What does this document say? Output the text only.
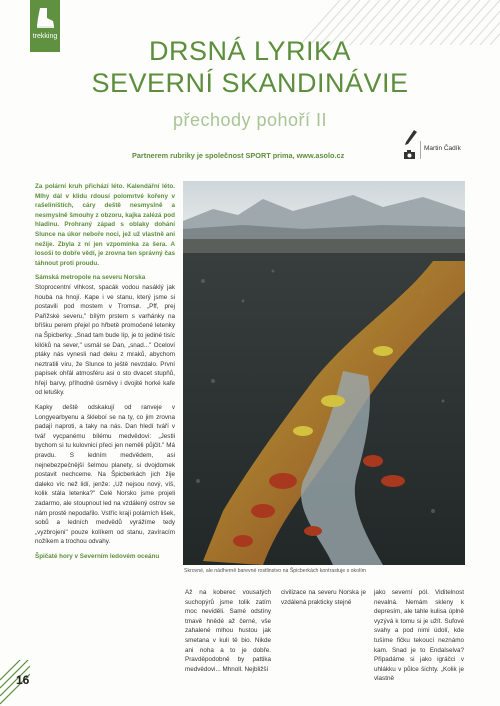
trekking	DRSNÁ LYRIKA
SEVERNÍ SKANDINÁVIE
přechody pohoří II
Partnerem rubriky je společnost SPORT prima, www.asolo.cz
Martin Čadík
Skrovné, ale nádherně barevné rostlinstvo na Špicberkách kontrastuje s okolím

Za polární kruh přichází léto. Kalendářní léto. Mlhy dál v klidu rdousí polomrtvé kořeny v rašeliništích, cáry deště nesmyslně a nesmyslně šmouhy z obzoru, kajka zalézá pod hladinu. Prohraný západ s oblaky dohání Slunce na úkor neboře noci, jež už vlastně ani nežije. Zbyla z ní jen vzpomínka za šera. A losoší to dobře vědí, je zrovna ten správný čas táhnout proti proudu.

Sámská metropole na severu Norska

Stoprocentní vlhkost, spacák vodou nasáklý jak houba na hnojí. Kape i ve stanu, který jsme si postavili pod mostem v Tromsø. „Pff, prej Pařížské severu," bílým prstem s varhánky na bříšku perem přejel po hřbetě promočené letenky na Špicberky. „Snad tam bude líp, je to jediné tisíc kilóků na sever," usmál se Dan, „snad..." Oceloví ptáky nás vynesli nad deku z mraků, abychom neztratili víru, že Slunce to ještě nevzdalo. První papísek ohřál atmosféru asi o sto dvacet stupňů, hřejí barvy, příhodně úsměvy i dvojité horké kafe od letušky.

Kapky deště odskakují od ranveje v Longyearbyenu a škleboí se na ty, co jim zrovna padají naproti, a taky na nás. Dan hledí tváří v tvář vycpanému bílému medvědovi: „Jestli bychom si tu kulovnici přeci jen neměli půjčit." Má pravdu. S ledním medvědem, asi nejnebezpečnější šelmou planety, si dvojdomek postavit nechceme. Na Špicberkách jich žije daleko víc než lidí, jenže: „Už nejsou nový, víš, kolik stála letenka?" Celé Norsko jsme projeli zadarmo, ale stoupnout led na vzdálený ostrov se nám prostě nepodařilo. Vstříc krají polárních lišek, sobů a ledních medvědů vyrážíme tedy „vyzbrojeni" pouze kolíkem od stanu, zavíracím nožíkem a trochou odvahy.

Špičaté hory v Severním ledovém oceánu

Až na koberec vousatých suchopýrů jsme tolik zatím moc neviděli. Samé odstíny tmavě hnědé až černé, vše zahalené mlhou hustou jak smetana v kuli tě bio. Nikde ani noha a to je dobře. Pravděpodobně by pattika medvědovi... Mhnoll. Nejbližší

jako severní pól. Viditelnost nevalná. Nemám skleny k depresím, ale tahle kulisa úplně vyzývá k tomu si je užít. Sufové svahy a pod nimi údolí, kde tušíme fičku tekoucí neznámo kam. Snad je to Endalselva? Připadáme si jako igráčci v uhlákku v půlce šichty. „Kolik je vlastně

16

civilizace na severu Norska je vzdálená prakticky stejně
